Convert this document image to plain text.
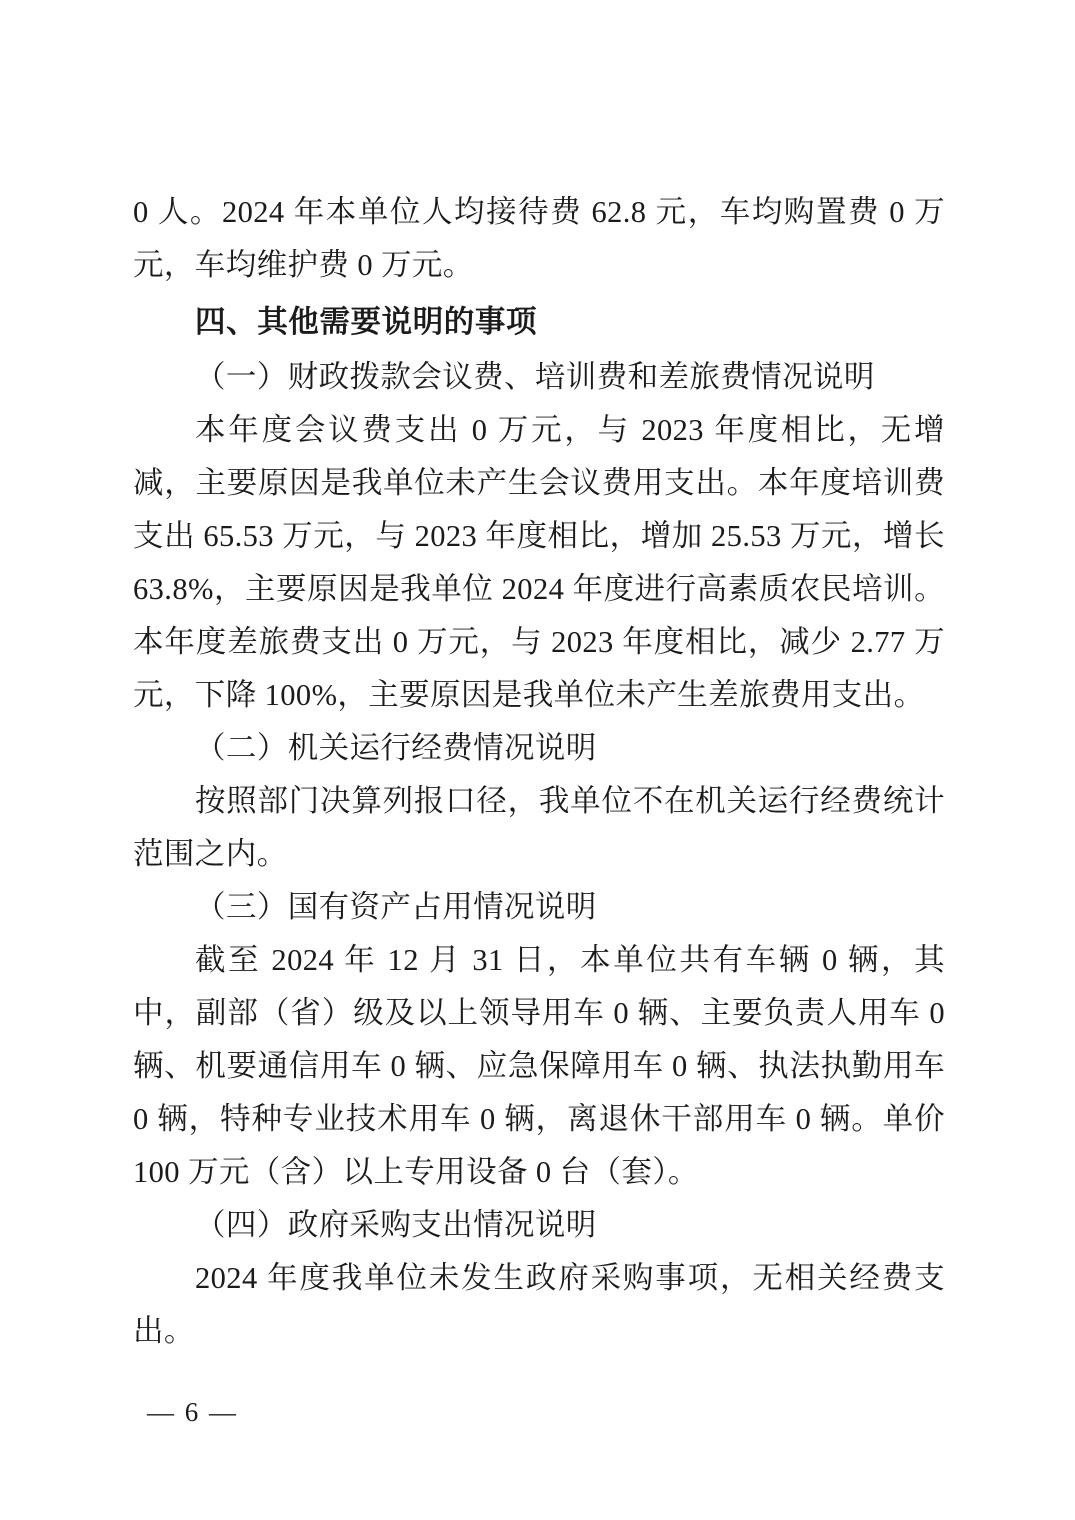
0 人。2024 年本单位人均接待费 62.8 元，车均购置费 0 万元，车均维护费 0 万元。

四、其他需要说明的事项

（一）财政拨款会议费、培训费和差旅费情况说明

本年度会议费支出 0 万元，与 2023 年度相比，无增减，主要原因是我单位未产生会议费用支出。本年度培训费支出 65.53 万元，与 2023 年度相比，增加 25.53 万元，增长 63.8%，主要原因是我单位 2024 年度进行高素质农民培训。本年度差旅费支出 0 万元，与 2023 年度相比，减少 2.77 万元，下降 100%，主要原因是我单位未产生差旅费用支出。

（二）机关运行经费情况说明

按照部门决算列报口径，我单位不在机关运行经费统计范围之内。

（三）国有资产占用情况说明

截至 2024 年 12 月 31 日，本单位共有车辆 0 辆，其中，副部（省）级及以上领导用车 0 辆、主要负责人用车 0 辆、机要通信用车 0 辆、应急保障用车 0 辆、执法执勤用车 0 辆，特种专业技术用车 0 辆，离退休干部用车 0 辆。单价 100 万元（含）以上专用设备 0 台（套）。

（四）政府采购支出情况说明

2024 年度我单位未发生政府采购事项，无相关经费支出。

— 6 —
